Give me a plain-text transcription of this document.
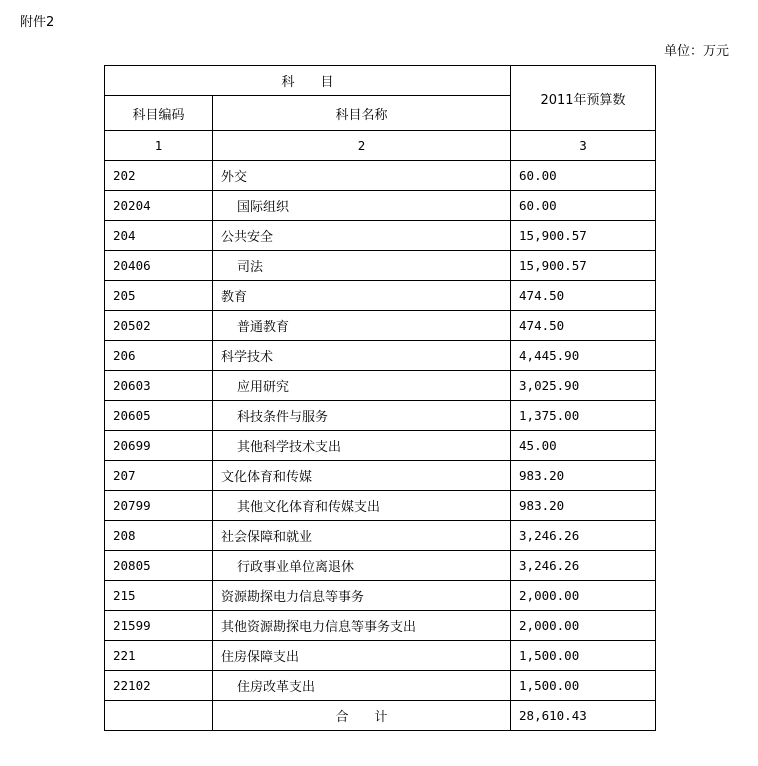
附件2
单位：万元
科　　目		2011年预算数
科目编码	科目名称	
1	2	3
202	外交	60.00
20204	国际组织	60.00
204	公共安全	15,900.57
20406	司法	15,900.57
205	教育	474.50
20502	普通教育	474.50
206	科学技术	4,445.90
20603	应用研究	3,025.90
20605	科技条件与服务	1,375.00
20699	其他科学技术支出	45.00
207	文化体育和传媒	983.20
20799	其他文化体育和传媒支出	983.20
208	社会保障和就业	3,246.26
20805	行政事业单位离退休	3,246.26
215	资源勘探电力信息等事务	2,000.00
21599	其他资源勘探电力信息等事务支出	2,000.00
221	住房保障支出	1,500.00
22102	住房改革支出	1,500.00
	合　　计	28,610.43
